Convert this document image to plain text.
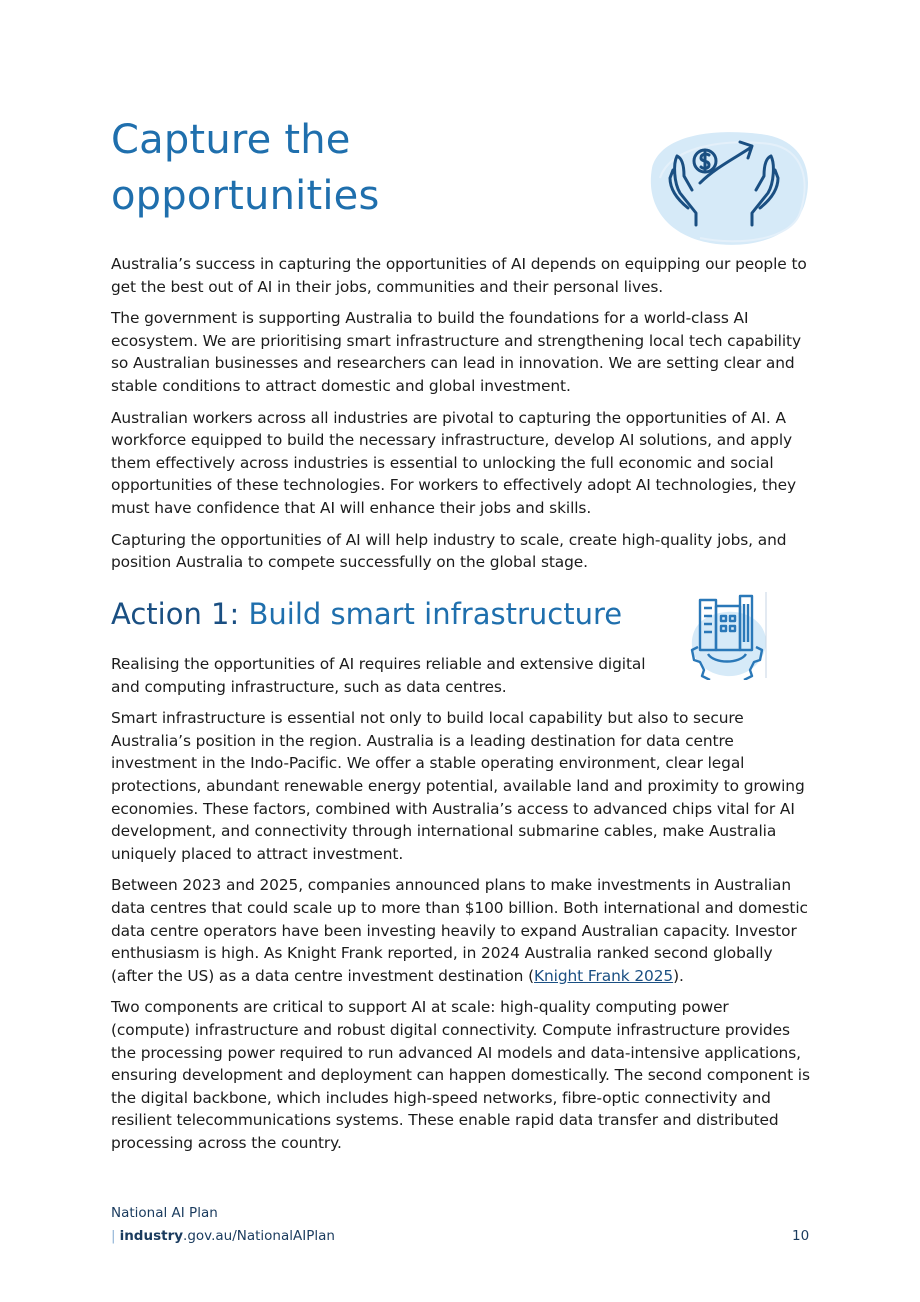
Capture the opportunities

Australia’s success in capturing the opportunities of AI depends on equipping our people to get the best out of AI in their jobs, communities and their personal lives.

The government is supporting Australia to build the foundations for a world-class AI ecosystem. We are prioritising smart infrastructure and strengthening local tech capability so Australian businesses and researchers can lead in innovation. We are setting clear and stable conditions to attract domestic and global investment.

Australian workers across all industries are pivotal to capturing the opportunities of AI. A workforce equipped to build the necessary infrastructure, develop AI solutions, and apply them effectively across industries is essential to unlocking the full economic and social opportunities of these technologies. For workers to effectively adopt AI technologies, they must have confidence that AI will enhance their jobs and skills.

Capturing the opportunities of AI will help industry to scale, create high-quality jobs, and position Australia to compete successfully on the global stage.

Action 1: Build smart infrastructure

Realising the opportunities of AI requires reliable and extensive digital and computing infrastructure, such as data centres.

Smart infrastructure is essential not only to build local capability but also to secure Australia’s position in the region. Australia is a leading destination for data centre investment in the Indo-Pacific. We offer a stable operating environment, clear legal protections, abundant renewable energy potential, available land and proximity to growing economies. These factors, combined with Australia’s access to advanced chips vital for AI development, and connectivity through international submarine cables, make Australia uniquely placed to attract investment.

Between 2023 and 2025, companies announced plans to make investments in Australian data centres that could scale up to more than $100 billion. Both international and domestic data centre operators have been investing heavily to expand Australian capacity. Investor enthusiasm is high. As Knight Frank reported, in 2024 Australia ranked second globally (after the US) as a data centre investment destination (Knight Frank 2025).

Two components are critical to support AI at scale: high-quality computing power (compute) infrastructure and robust digital connectivity. Compute infrastructure provides the processing power required to run advanced AI models and data-intensive applications, ensuring development and deployment can happen domestically. The second component is the digital backbone, which includes high-speed networks, fibre-optic connectivity and resilient telecommunications systems. These enable rapid data transfer and distributed processing across the country.

National AI Plan
| industry.gov.au/NationalAIPlan	10
